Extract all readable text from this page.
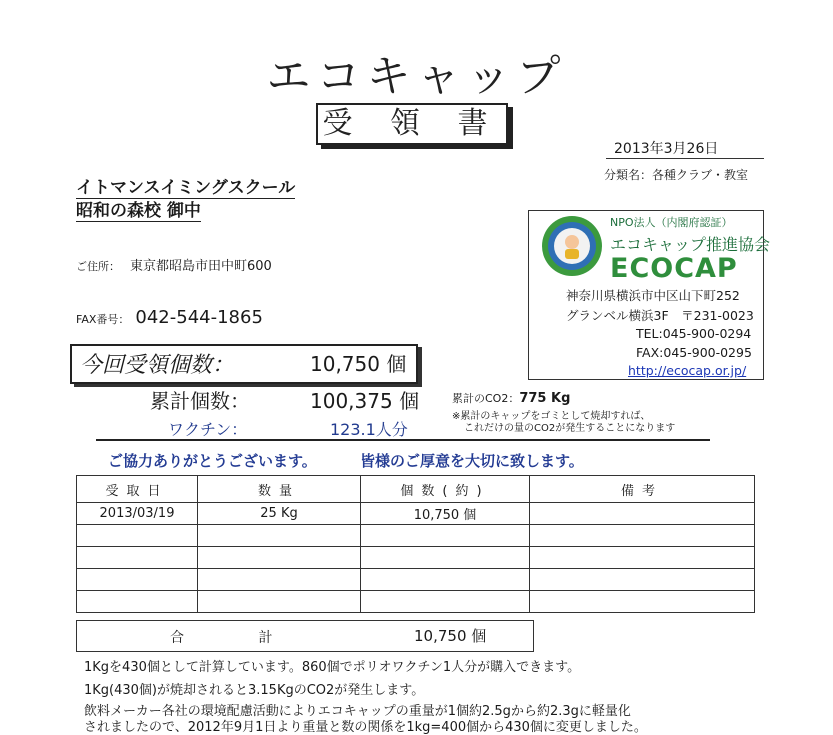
エコキャップ
受 領 書
2013年3月26日
分類名：各種クラブ・教室
イトマンスイミングスクール
昭和の森校 御中
ご住所： 東京都昭島市田中町600
FAX番号： 042-544-1865
NPO法人（内閣府認証）
エコキャップ推進協会
ECOCAP
神奈川県横浜市中区山下町252
グランベル横浜3F　〒231-0023
TEL:045-900-0294
FAX:045-900-0295
http://ecocap.or.jp/
今回受領個数：	10,750 個
累計個数：	100,375 個
ワクチン：	123.1人分
累計のCO2：775 Kg
※累計のキャップをゴミとして焼却すれば、
これだけの量のCO2が発生することになります
ご協力ありがとうございます。	皆様のご厚意を大切に致します。
受取日	数量	個数(約)	備考
2013/03/19	25 Kg	10,750 個	

合 計	10,750 個
1Kgを430個として計算しています。860個でポリオワクチン1人分が購入できます。
1Kg(430個)が焼却されると3.15KgのCO2が発生します。
飲料メーカー各社の環境配慮活動によりエコキャップの重量が1個約2.5gから約2.3gに軽量化
されましたので、2012年9月1日より重量と数の関係を1kg=400個から430個に変更しました。
